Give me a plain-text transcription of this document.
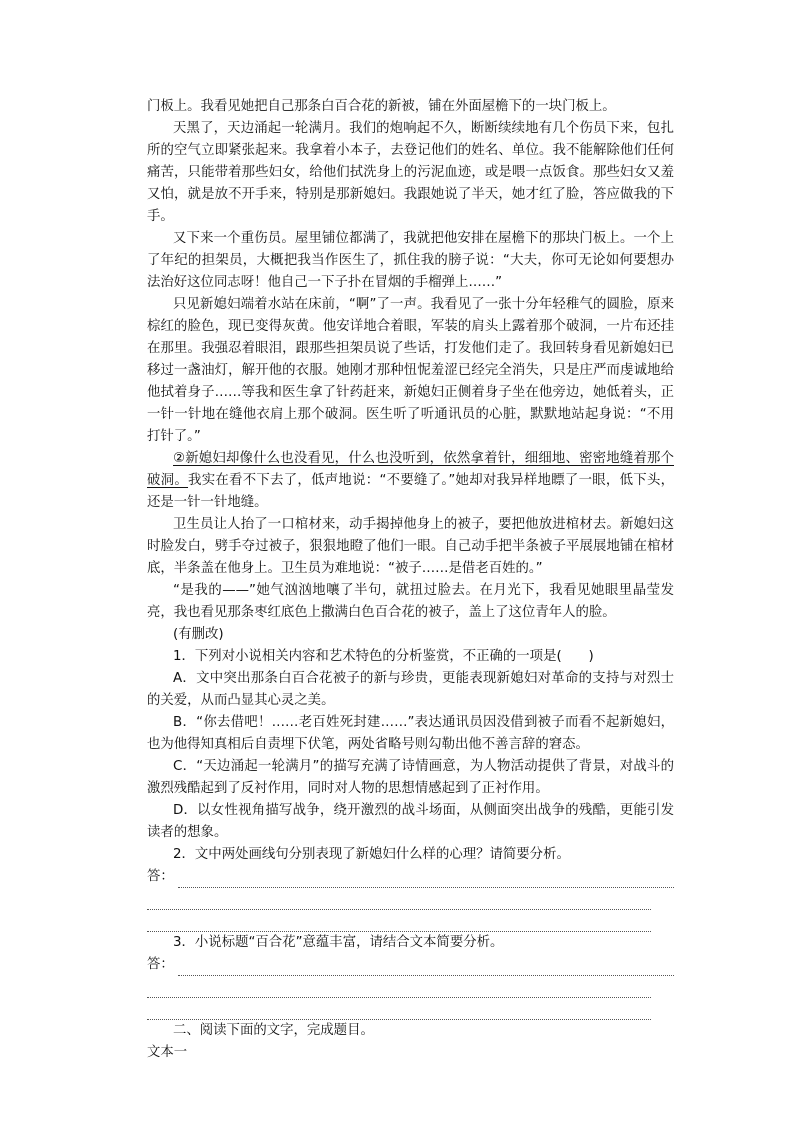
门板上。我看见她把自己那条白百合花的新被，铺在外面屋檐下的一块门板上。

天黑了，天边涌起一轮满月。我们的炮响起不久，断断续续地有几个伤员下来，包扎所的空气立即紧张起来。我拿着小本子，去登记他们的姓名、单位。我不能解除他们任何痛苦，只能带着那些妇女，给他们拭洗身上的污泥血迹，或是喂一点饭食。那些妇女又羞又怕，就是放不开手来，特别是那新媳妇。我跟她说了半天，她才红了脸，答应做我的下手。

又下来一个重伤员。屋里铺位都满了，我就把他安排在屋檐下的那块门板上。一个上了年纪的担架员，大概把我当作医生了，抓住我的膀子说：“大夫，你可无论如何要想办法治好这位同志呀！他自己一下子扑在冒烟的手榴弹上……”

只见新媳妇端着水站在床前，“啊”了一声。我看见了一张十分年轻稚气的圆脸，原来棕红的脸色，现已变得灰黄。他安详地合着眼，军装的肩头上露着那个破洞，一片布还挂在那里。我强忍着眼泪，跟那些担架员说了些话，打发他们走了。我回转身看见新媳妇已移过一盏油灯，解开他的衣服。她刚才那种忸怩羞涩已经完全消失，只是庄严而虔诚地给他拭着身子……等我和医生拿了针药赶来，新媳妇正侧着身子坐在他旁边，她低着头，正一针一针地在缝他衣肩上那个破洞。医生听了听通讯员的心脏，默默地站起身说：“不用打针了。”

②新媳妇却像什么也没看见，什么也没听到，依然拿着针，细细地、密密地缝着那个破洞。我实在看不下去了，低声地说：“不要缝了。”她却对我异样地瞟了一眼，低下头，还是一针一针地缝。

卫生员让人抬了一口棺材来，动手揭掉他身上的被子，要把他放进棺材去。新媳妇这时脸发白，劈手夺过被子，狠狠地瞪了他们一眼。自己动手把半条被子平展展地铺在棺材底，半条盖在他身上。卫生员为难地说：“被子……是借老百姓的。”

“是我的——”她气汹汹地嚷了半句，就扭过脸去。在月光下，我看见她眼里晶莹发亮，我也看见那条枣红底色上撒满白色百合花的被子，盖上了这位青年人的脸。

(有删改)

1．下列对小说相关内容和艺术特色的分析鉴赏，不正确的一项是(　　)

A．文中突出那条白百合花被子的新与珍贵，更能表现新媳妇对革命的支持与对烈士的关爱，从而凸显其心灵之美。

B．“你去借吧！……老百姓死封建……”表达通讯员因没借到被子而看不起新媳妇，也为他得知真相后自责埋下伏笔，两处省略号则勾勒出他不善言辞的窘态。

C．“天边涌起一轮满月”的描写充满了诗情画意，为人物活动提供了背景，对战斗的激烈残酷起到了反衬作用，同时对人物的思想情感起到了正衬作用。

D．以女性视角描写战争，绕开激烈的战斗场面，从侧面突出战争的残酷，更能引发读者的想象。

2．文中两处画线句分别表现了新媳妇什么样的心理？请简要分析。

答：

3．小说标题“百合花”意蕴丰富，请结合文本简要分析。

答：

二、阅读下面的文字，完成题目。

文本一
